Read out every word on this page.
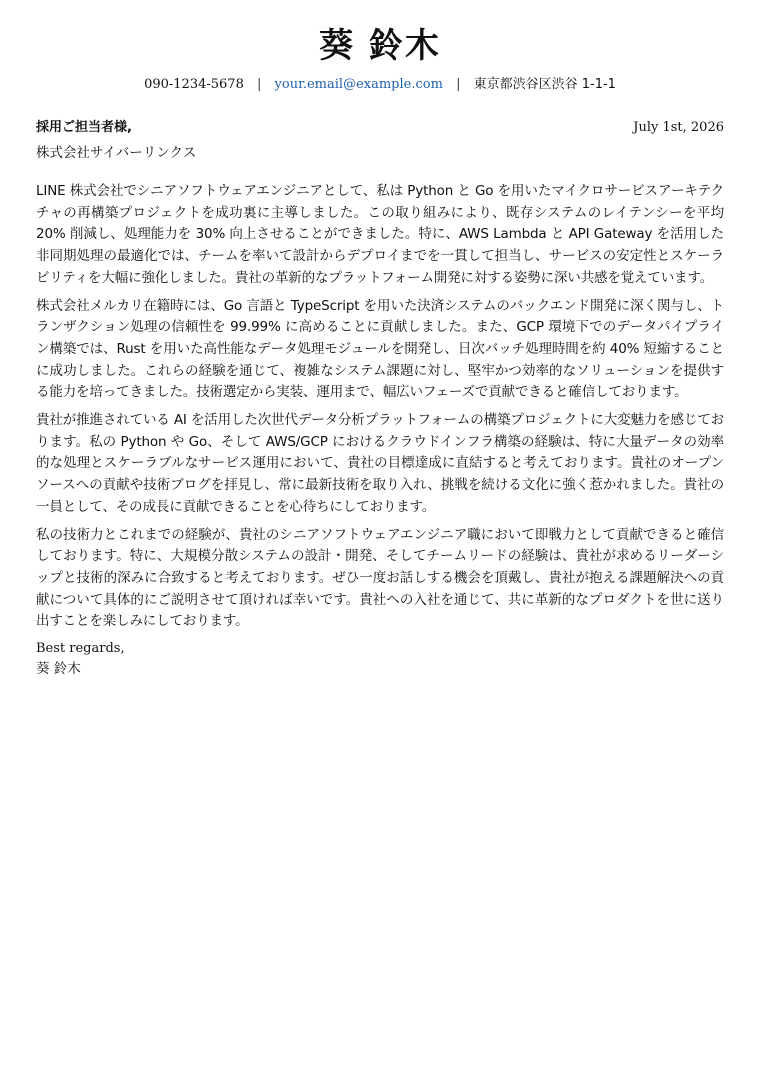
葵 鈴木
090-1234-5678 | your.email@example.com | 東京都渋谷区渋谷 1-1-1
採用ご担当者様,	July 1st, 2026
株式会社サイバーリンクス

LINE 株式会社でシニアソフトウェアエンジニアとして、私は Python と Go を用いたマイクロサービスアーキテクチャの再構築プロジェクトを成功裏に主導しました。この取り組みにより、既存システムのレイテンシーを平均 20% 削減し、処理能力を 30% 向上させることができました。特に、AWS Lambda と API Gateway を活用した非同期処理の最適化では、チームを率いて設計からデプロイまでを一貫して担当し、サービスの安定性とスケーラビリティを大幅に強化しました。貴社の革新的なプラットフォーム開発に対する姿勢に深い共感を覚えています。

株式会社メルカリ在籍時には、Go 言語と TypeScript を用いた決済システムのバックエンド開発に深く関与し、トランザクション処理の信頼性を 99.99% に高めることに貢献しました。また、GCP 環境下でのデータパイプライン構築では、Rust を用いた高性能なデータ処理モジュールを開発し、日次バッチ処理時間を約 40% 短縮することに成功しました。これらの経験を通じて、複雑なシステム課題に対し、堅牢かつ効率的なソリューションを提供する能力を培ってきました。技術選定から実装、運用まで、幅広いフェーズで貢献できると確信しております。

貴社が推進されている AI を活用した次世代データ分析プラットフォームの構築プロジェクトに大変魅力を感じております。私の Python や Go、そして AWS/GCP におけるクラウドインフラ構築の経験は、特に大量データの効率的な処理とスケーラブルなサービス運用において、貴社の目標達成に直結すると考えております。貴社のオープンソースへの貢献や技術ブログを拝見し、常に最新技術を取り入れ、挑戦を続ける文化に強く惹かれました。貴社の一員として、その成長に貢献できることを心待ちにしております。

私の技術力とこれまでの経験が、貴社のシニアソフトウェアエンジニア職において即戦力として貢献できると確信しております。特に、大規模分散システムの設計・開発、そしてチームリードの経験は、貴社が求めるリーダーシップと技術的深みに合致すると考えております。ぜひ一度お話しする機会を頂戴し、貴社が抱える課題解決への貢献について具体的にご説明させて頂ければ幸いです。貴社への入社を通じて、共に革新的なプロダクトを世に送り出すことを楽しみにしております。

Best regards,
葵 鈴木
